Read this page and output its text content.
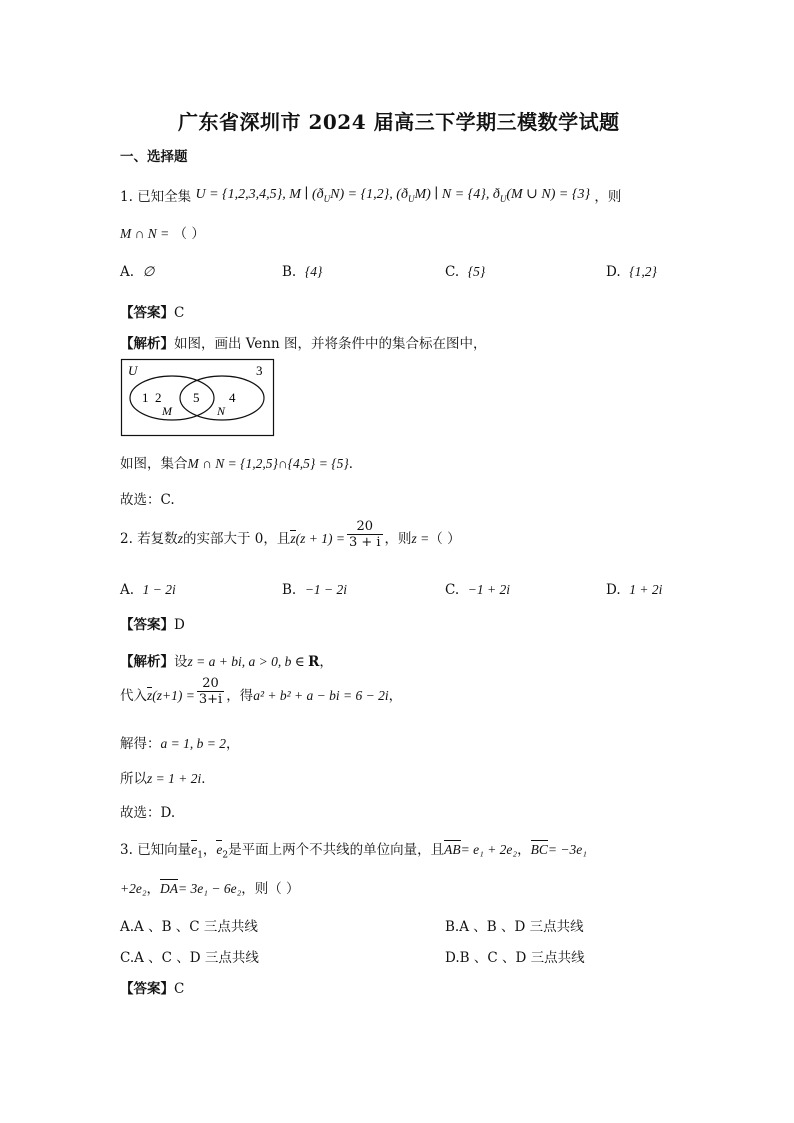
广东省深圳市 2024 届高三下学期三模数学试题
一、选择题
1. 已知全集 U = {1,2,3,4,5}, M ∣ $(ð_UN) = \{1,2\}$, $(ð_UM)$ ∣ N = {4}, $ð_U(M$ ∪ N) = {3} ，则
M ∩ N = （ ）
A. ∅	B. {4}	C. {5}	D. {1,2}
【答案】C
【解析】如图，画出 Venn 图，并将条件中的集合标在图中，
U	3
1  2 5 4
M	N
如图，集合M ∩ N = {1,2,5}∩{4,5} = {5}．
故选：C.
2. 若复数z的实部大于 0，且$z(z + 1) = \frac{20}{3 + i}$ ，则z =（ ）
A. 1 − 2i	B. −1 − 2i	C. −1 + 2i	D. 1 + 2i
【答案】D
【解析】设z = a + bi, a > 0, b ∈ R，
代入$z(z+1) = \frac{20}{3+i}$ ，得a² + b² + a − bi = 6 − 2i，
解得：a = 1, b = 2，
所以z = 1 + 2i．
故选：D.
3. 已知向量$e_1$，$e_2$是平面上两个不共线的单位向量，且AB= e₁ + 2e₂，BC= −3e₁
+2e₂，DA= 3e₁ − 6e₂，则（ ）
A.A 、B 、C 三点共线	B.A 、B 、D 三点共线
C.A 、C 、D 三点共线	D.B 、C 、D 三点共线
【答案】C
